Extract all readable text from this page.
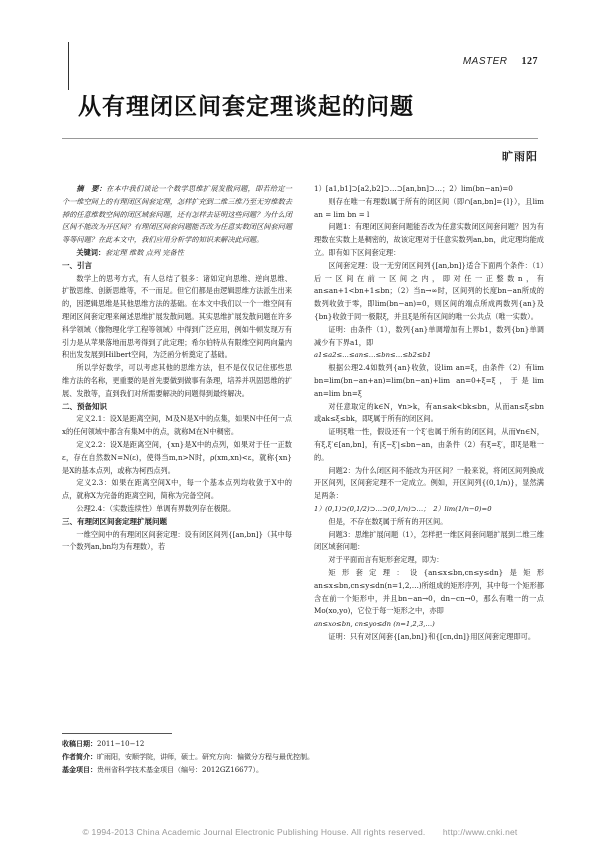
MASTER 127
从有理闭区间套定理谈起的问题
旷雨阳

摘　要：在本中我们谈论一个数学思维扩展发散问题，即若给定一个一维空间上的有理闭区间套定理，怎样扩充到二维三维乃至无穷维数去掉的任意维数空间的闭区域套问题，还有怎样去证明这些问题？为什么闭区间不能改为开区间？有理闭区间套问题能否改为任意实数闭区间套问题等等问题？在此本文中，我们应用分析学的知识来解决此问题。

关键词：套定理 维数 点列 完备性

一、引言

数学上的思考方式，有人总结了很多：诸如定向思维、逆向思维、扩散思维、创新思维等，不一而足。但它们都是由逻辑思维方法派生出来的，因逻辑思维是其他思维方法的基础。在本文中我们以一个一维空间有理闭区间套定理来阐述思维扩展发散问题。其实思维扩展发散问题在许多科学领域（像物理化学工程等领域）中得到广泛应用，例如牛顿发现万有引力是从苹果落地而思考得到了此定理；希尔伯特从有限维空间两向量内积出发发展到Hilbert空间，为泛函分析奠定了基础。

所以学好数学，可以考虑其他的思维方法，但不是仅仅记住那些思维方法的名称，更重要的是首先要做到做事有条理，培养并巩固思维的扩展、发散等，直到我们对所需要解决的问题得到最终解决。

二、预备知识

定义2.1：设X是距离空间，M及N是X中的点集，如果N中任何一点x的任何领域中都含有集M中的点，就称M在N中稠密。

定义2.2：设X是距离空间，{xn}是X中的点列，如果对于任一正数ε，存在自然数N=N(ε)，使得当m,n>N时，ρ(xm,xn)<ε，就称{xn}是X的基本点列，或称为柯西点列。

定义2.3：如果在距离空间X中，每一个基本点列均收敛于X中的点，就称X为完备的距离空间，简称为完备空间。

公理2.4：（实数连续性）单调有界数列存在极限。

三、有理闭区间套定理扩展问题

一维空间中的有理闭区间套定理：设有闭区间列{[an,bn]}（其中每一个数列an,bn均为有理数），若

1）[a1,b1]⊃[a2,b2]⊃…⊃[an,bn]⊃…；2）lim(bn−an)=0

则存在唯一有理数l属于所有的闭区间（即∩[an,bn]={l}），且lim an = lim bn = l

问题1：有理闭区间套问题能否改为任意实数闭区间套问题？因为有理数在实数上是稠密的，故该定理对于任意实数列an,bn，此定理均能成立。即有如下区间套定理：

区间套定理：设一无穷闭区间列{[an,bn]}适合下面两个条件：（1）后一区间在前一区间之内，即对任一正整数n，有an≤an+1<bn+1≤bn；（2）当n→∞时，区间列的长度bn−an所成的数列收敛于零，即lim(bn−an)=0，则区间的端点所成两数列{an}及{bn}收敛于同一极限ξ，并且ξ是所有区间的唯一公共点（唯一实数）。

证明：由条件（1），数列{an}单调增加有上界b1，数列{bn}单调减少有下界a1，即

a1≤a2≤…≤an≤…≤bn≤…≤b2≤b1

根据公理2.4如数列{an}收敛，设lim an=ξ，由条件（2）有lim bn=lim(bn−an+an)=lim(bn−an)+lim an=0+ξ=ξ，于是lim an=lim bn=ξ

对任意取定的k∈N，∀n>k，有an≤ak<bk≤bn，从而an≤ξ≤bn或ak≤ξ≤bk，即ξ属于所有的闭区间。

证明ξ唯一性，假设还有一个ξ′也属于所有的闭区间，从而∀n∈N，有ξ,ξ′∈[an,bn]，有|ξ−ξ′|≤bn−an，由条件（2）有ξ=ξ′，即ξ是唯一的。

问题2：为什么闭区间不能改为开区间？一般来说，将闭区间列换成开区间列，区间套定理不一定成立。例如，开区间列{(0,1/n)}，显然满足两条：

1）(0,1)⊃(0,1/2)⊃…⊃(0,1/n)⊃…；　2）lim(1/n−0)=0

但是，不存在数ξ属于所有的开区间。

问题3：思维扩展问题（1），怎样把一维区间套问题扩展到二维三维闭区域套问题：

对于平面而言有矩形套定理，即为：

矩形套定理：设{an≤x≤bn,cn≤y≤dn}是矩形an≤x≤bn,cn≤y≤dn(n=1,2,…)所组成的矩形序列，其中每一个矩形都含在前一个矩形中，并且bn−an→0，dn−cn→0，那么有唯一的一点Mo(xo,yo)，它位于每一矩形之中，亦即

an≤xo≤bn, cn≤yo≤dn (n=1,2,3,…)

证明：只有对区间套{[an,bn]}和{[cn,dn]}用区间套定理即可。

收稿日期：2011−10−12
作者简介：旷雨阳，安顺学院，讲师，硕士。研究方向：偏微分方程与最优控制。
基金项目：贵州省科学技术基金项目（编号：2012GZ16677）。
© 1994-2013 China Academic Journal Electronic Publishing House. All rights reserved.　　http://www.cnki.net
